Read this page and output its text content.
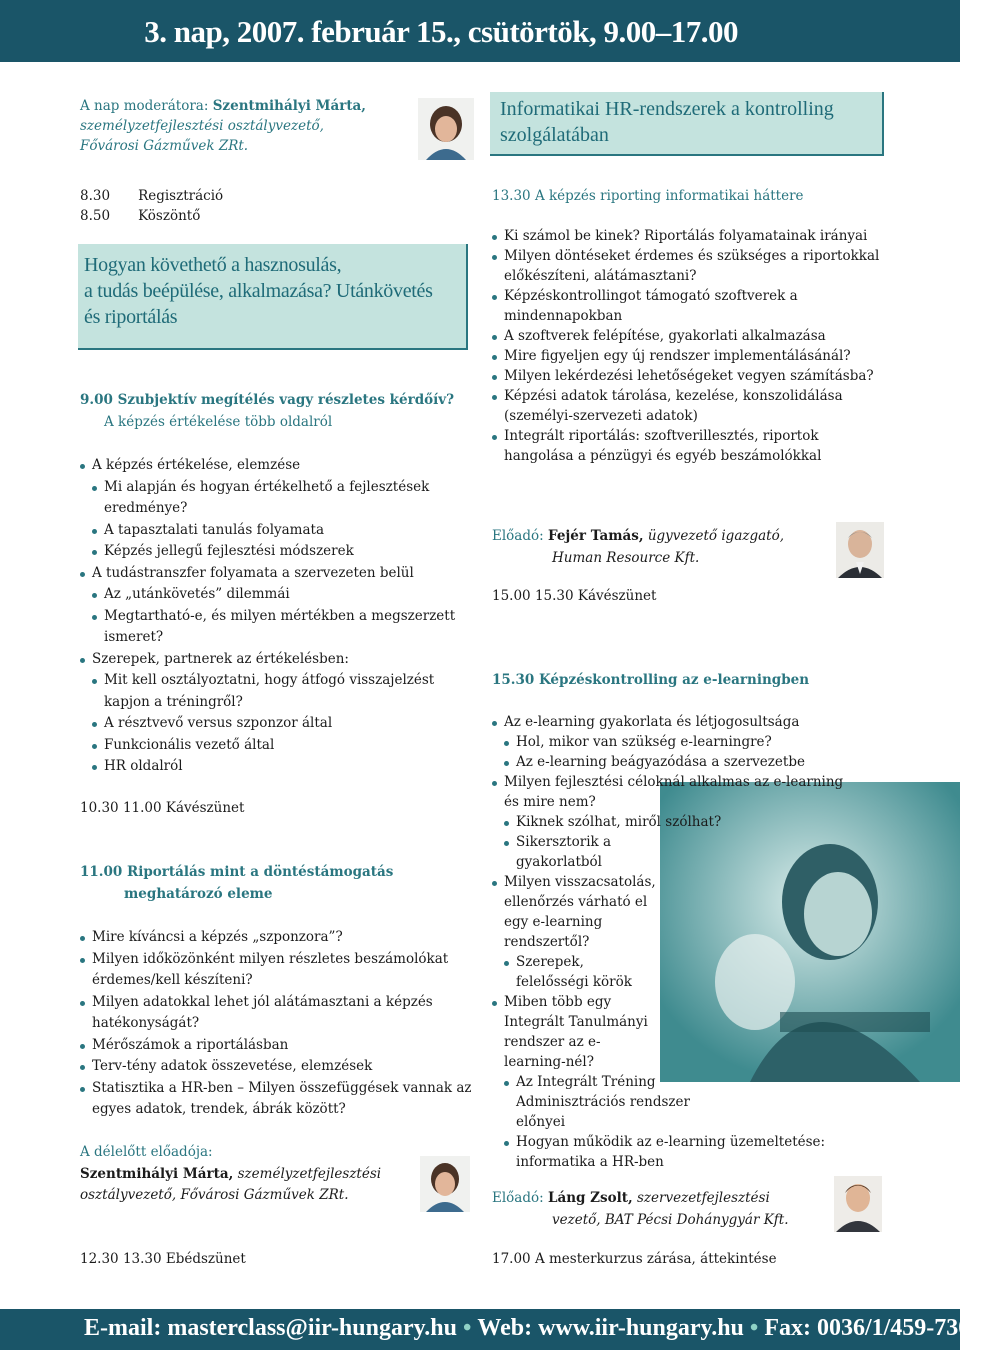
3. nap, 2007. február 15., csütörtök, 9.00–17.00
A nap moderátora: Szentmihályi Márta,
személyzetfejlesztési osztályvezető,
Fővárosi Gázművek ZRt.
Informatikai HR-rendszerek a kontrolling szolgálatában
8.30 Regisztráció
8.50 Köszöntő
Hogyan követhető a hasznosulás,
a tudás beépülése, alkalmazása? Utánkövetés
és riportálás
9.00 Szubjektív megítélés vagy részletes kérdőív?
A képzés értékelése több oldalról
A képzés értékelése, elemzése
Mi alapján és hogyan értékelhető a fejlesztések eredménye?
A tapasztalati tanulás folyamata
Képzés jellegű fejlesztési módszerek
A tudástranszfer folyamata a szervezeten belül
Az „utánkövetés” dilemmái
Megtartható-e, és milyen mértékben a megszerzett ismeret?
Szerepek, partnerek az értékelésben:
Mit kell osztályoztatni, hogy átfogó visszajelzést kapjon a tréningről?
A résztvevő versus szponzor által
Funkcionális vezető által
HR oldalról
10.30 11.00 Kávészünet
11.00 Riportálás mint a döntéstámogatás
meghatározó eleme
Mire kíváncsi a képzés „szponzora”?
Milyen időközönként milyen részletes beszámolókat érdemes/kell készíteni?
Milyen adatokkal lehet jól alátámasztani a képzés hatékonyságát?
Mérőszámok a riportálásban
Terv-tény adatok összevetése, elemzések
Statisztika a HR-ben – Milyen összefüggések vannak az egyes adatok, trendek, ábrák között?
A délelőtt előadója:
Szentmihályi Márta, személyzetfejlesztési
osztályvezető, Fővárosi Gázművek ZRt.
12.30 13.30 Ebédszünet
13.30 A képzés riporting informatikai háttere
Ki számol be kinek? Riportálás folyamatainak irányai
Milyen döntéseket érdemes és szükséges a riportokkal előkészíteni, alátámasztani?
Képzéskontrollingot támogató szoftverek a mindennapokban
A szoftverek felépítése, gyakorlati alkalmazása
Mire figyeljen egy új rendszer implementálásánál?
Milyen lekérdezési lehetőségeket vegyen számításba?
Képzési adatok tárolása, kezelése, konszolidálása (személyi-szervezeti adatok)
Integrált riportálás: szoftverillesztés, riportok hangolása a pénzügyi és egyéb beszámolókkal
Előadó: Fejér Tamás, ügyvezető igazgató,
Human Resource Kft.
15.00 15.30 Kávészünet
15.30 Képzéskontrolling az e-learningben
Az e-learning gyakorlata és létjogosultsága
Hol, mikor van szükség e-learningre?
Az e-learning beágyazódása a szervezetbe
Milyen fejlesztési céloknál alkalmas az e-learning és mire nem?
Kiknek szólhat, miről szólhat?
Sikersztorik a gyakorlatból
Milyen visszacsatolás, ellenőrzés várható el egy e-learning rendszertől?
Szerepek, felelősségi körök
Miben több egy Integrált Tanulmányi rendszer az e-learning-nél?
Az Integrált Tréning Adminisztrációs rendszer előnyei
Hogyan működik az e-learning üzemeltetése: informatika a HR-ben
Előadó: Láng Zsolt, szervezetfejlesztési
vezető, BAT Pécsi Dohánygyár Kft.
17.00 A mesterkurzus zárása, áttekintése
E-mail: masterclass@iir-hungary.hu • Web: www.iir-hungary.hu • Fax: 0036/1/459-7301
